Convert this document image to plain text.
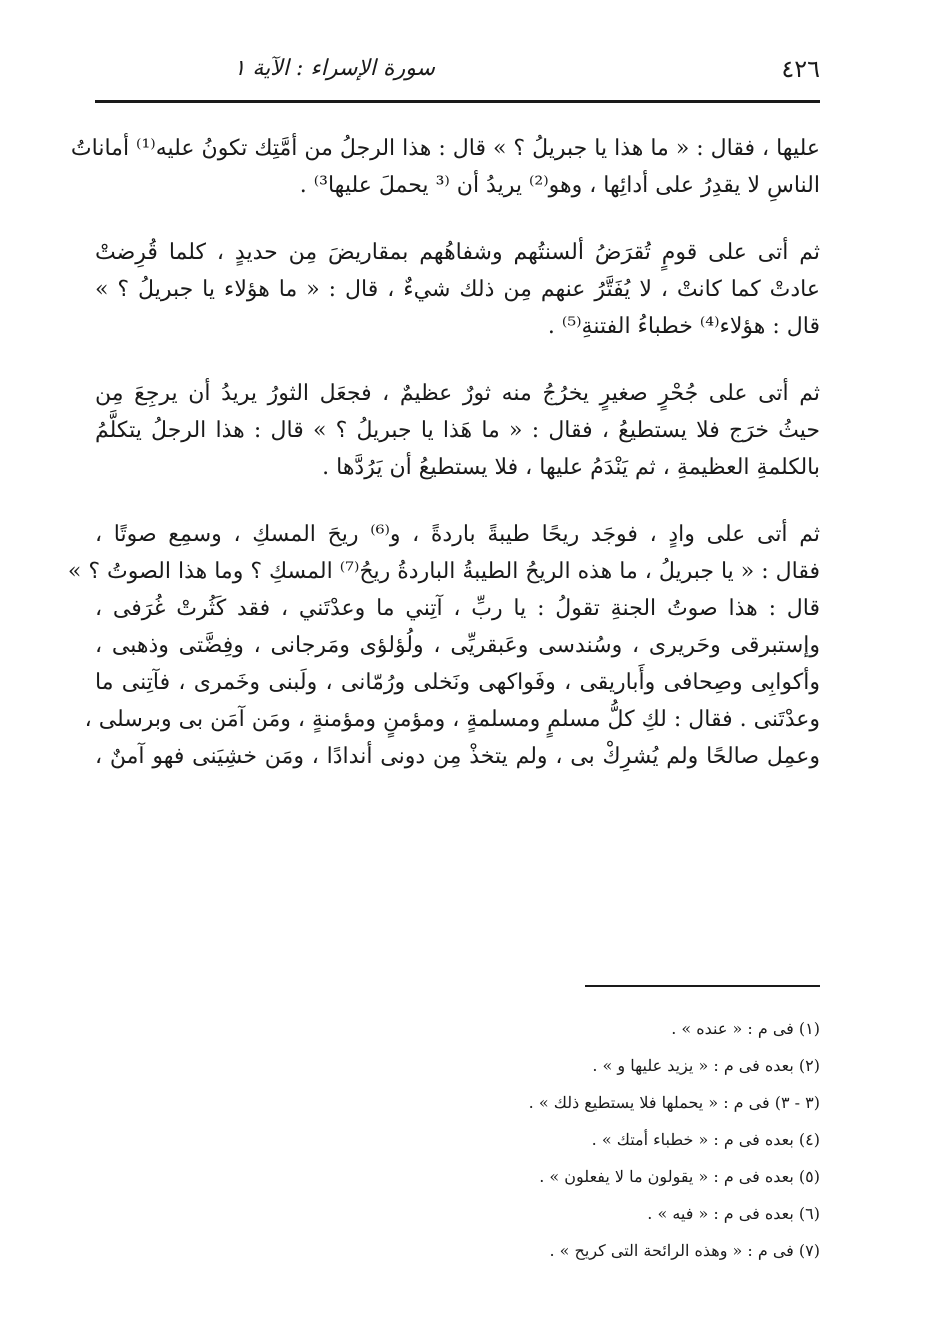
٤٢٦
سورة الإسراء : الآية ١
عليها ، فقال : « ما هذا يا جبريلُ ؟ » قال : هذا الرجلُ من أمَّتِك تكونُ عليه⁽¹⁾ أماناتُ
الناسِ لا يقدِرُ على أدائِها ، وهو⁽²⁾ يريدُ أن ⁽³ يحملَ عليها³⁾ .
ثم أتى على قومٍ تُقرَضُ ألسنتُهم وشفاهُهم بمقاريضَ مِن حديدٍ ، كلما قُرِضتْ
عادتْ كما كانتْ ، لا يُفَتَّرُ عنهم مِن ذلك شيءٌ ، قال : « ما هؤلاء يا جبريلُ ؟ »
قال : هؤلاء⁽⁴⁾ خطباءُ الفتنةِ⁽⁵⁾ .
ثم أتى على جُحْرٍ صغيرٍ يخرُجُ منه ثورٌ عظيمٌ ، فجعَل الثورُ يريدُ أن يرجِعَ مِن
حيثُ خرَج فلا يستطيعُ ، فقال : « ما هَذا يا جبريلُ ؟ » قال : هذا الرجلُ يتكلَّمُ
بالكلمةِ العظيمةِ ، ثم يَنْدَمُ عليها ، فلا يستطيعُ أن يَرُدَّها .
ثم أتى على وادٍ ، فوجَد ريحًا طيبةً باردةً ، و⁽⁶⁾ ريحَ المسكِ ، وسمِع صوتًا ،
فقال : « يا جبريلُ ، ما هذه الريحُ الطيبةُ الباردةُ ريحُ⁽⁷⁾ المسكِ ؟ وما هذا الصوتُ ؟ »
قال : هذا صوتُ الجنةِ تقولُ : يا ربِّ ، آتِني ما وعدْتَني ، فقد كَثُرتْ غُرَفى ،
وإستبرقى وحَريرى ، وسُندسى وعَبقريِّى ، ولُؤلؤى ومَرجانى ، وفِضَّتى وذهبى ،
وأكوابِى وصِحافى وأَباريقى ، وفَواكهى ونَخلى ورُمّانى ، ولَبنى وخَمرى ، فآتِنى ما
وعدْتَنى . فقال : لكِ كلُّ مسلمٍ ومسلمةٍ ، ومؤمنٍ ومؤمنةٍ ، ومَن آمَن بى وبرسلى ،
وعمِل صالحًا ولم يُشرِكْ بى ، ولم يتخذْ مِن دونى أندادًا ، ومَن خشِيَنى فهو آمنٌ ،
(١) فى م : « عنده » .
(٢) بعده فى م : « يزيد عليها و » .
(٣ - ٣) فى م : « يحملها فلا يستطيع ذلك » .
(٤) بعده فى م : « خطباء أمتك » .
(٥) بعده فى م : « يقولون ما لا يفعلون » .
(٦) بعده فى م : « فيه » .
(٧) فى م : « وهذه الرائحة التى كريح » .
